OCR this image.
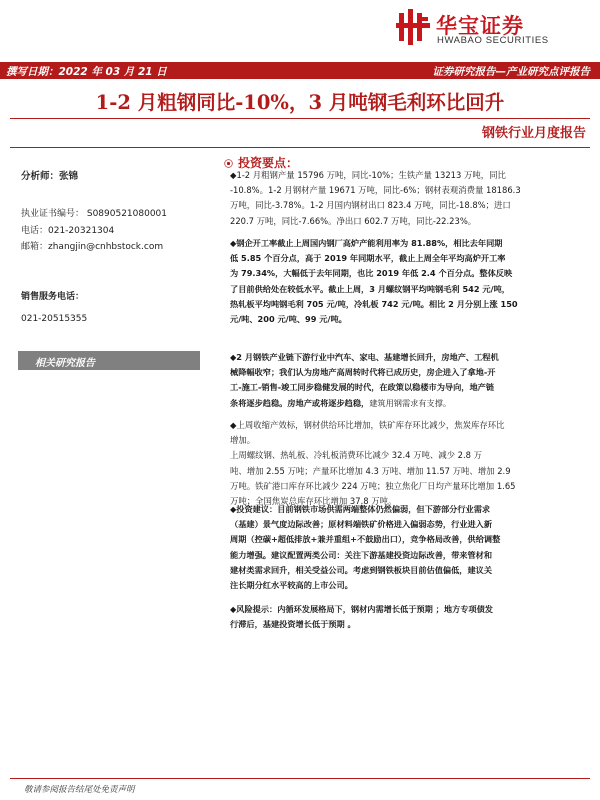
华宝证券
HWABAO SECURITIES
撰写日期：2022 年 03 月 21 日	证券研究报告—产业研究点评报告
1-2 月粗钢同比-10%，3 月吨钢毛利环比回升
钢铁行业月度报告
分析师：张锦
执业证书编号： S0890521080001
电话：021-20321304
邮箱：zhangjin@cnhbstock.com
销售服务电话：
021-20515355
相关研究报告
⦿ 投资要点：
◆1-2 月粗钢产量 15796 万吨，同比-10%；生铁产量 13213 万吨，同比
-10.8%。1-2 月钢材产量 19671 万吨，同比-6%；钢材表观消费量 18186.3
万吨，同比-3.78%。1-2 月国内钢材出口 823.4 万吨，同比-18.8%；进口
220.7 万吨，同比-7.66%。净出口 602.7 万吨，同比-22.23%。
◆钢企开工率截止上周国内钢厂高炉产能利用率为 81.88%，相比去年同期
低 5.85 个百分点，高于 2019 年同期水平，截止上周全年平均高炉开工率
为 79.34%，大幅低于去年同期，也比 2019 年低 2.4 个百分点。整体反映
了目前供给处在较低水平。截止上周，3 月螺纹钢平均吨钢毛利 542 元/吨，
热轧板平均吨钢毛利 705 元/吨，冷轧板 742 元/吨。相比 2 月分别上涨 150
元/吨、200 元/吨、99 元/吨。
◆2 月钢铁产业链下游行业中汽车、家电、基建增长回升，房地产、工程机
械降幅收窄；我们认为房地产高周转时代将已成历史，房企进入了拿地-开
工-施工-销售-竣工同步稳健发展的时代，在政策以稳楼市为导向，地产链
条将逐步趋稳。房地产或将逐步趋稳，建筑用钢需求有支撑。
◆上周收缩产效标，钢材供给环比增加，铁矿库存环比减少，焦炭库存环比
增加。
上周螺纹钢、热轧板、冷轧板消费环比减少 32.4 万吨、减少 2.8 万
吨、增加 2.55 万吨；产量环比增加 4.3 万吨、增加 11.57 万吨、增加 2.9
万吨。铁矿港口库存环比减少 224 万吨；独立焦化厂日均产量环比增加 1.65
万吨；全国焦炭总库存环比增加 37.8 万吨。
◆投资建议：目前钢铁市场供需两端整体仍然偏弱，但下游部分行业需求
（基建）景气度边际改善；原材料端铁矿价格进入偏弱态势，行业进入新
周期（控碳+超低排放+兼并重组+不鼓励出口），竞争格局改善，供给调整
能力增强。建议配置两类公司：关注下游基建投资边际改善，带来管材和
建材类需求回升，相关受益公司。考虑到钢铁板块目前估值偏低，建议关
注长期分红水平较高的上市公司。
◆风险提示：内循环发展格局下，钢材内需增长低于预期 ；地方专项债发
行滞后，基建投资增长低于预期 。
敬请参阅报告结尾处免责声明
